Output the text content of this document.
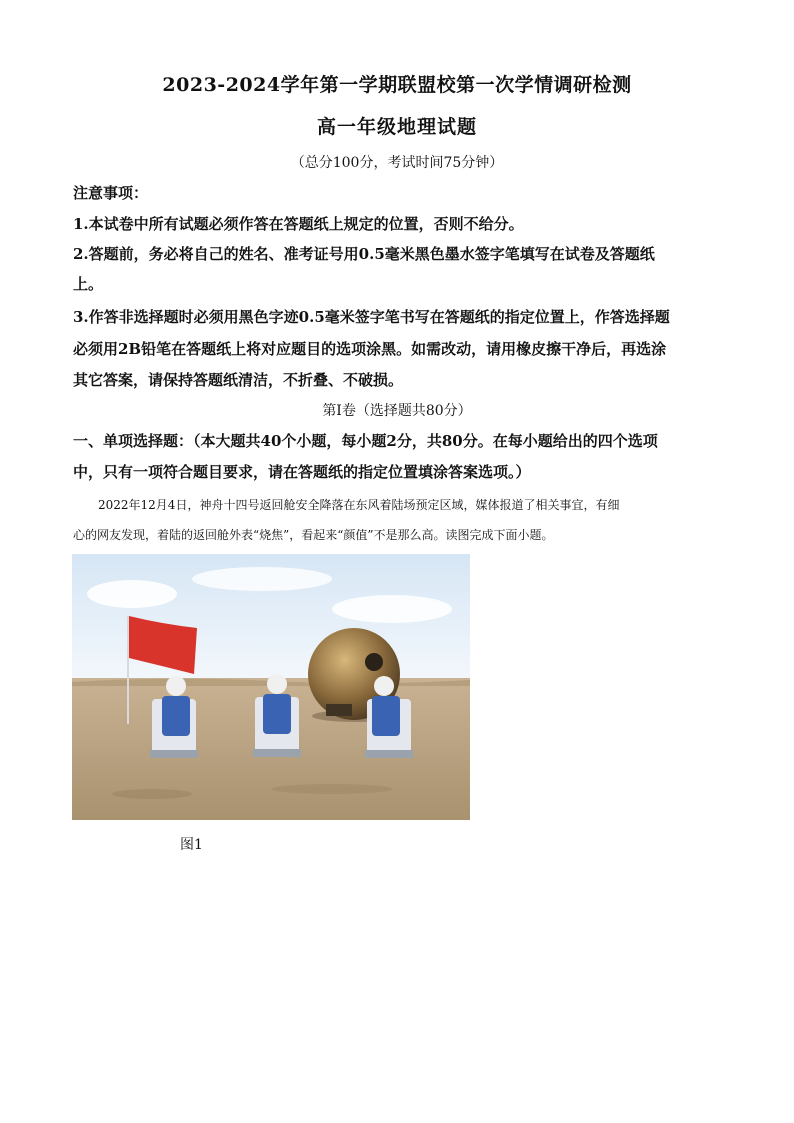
2023-2024学年第一学期联盟校第一次学情调研检测
高一年级地理试题
（总分100分，考试时间75分钟）
注意事项：
1.本试卷中所有试题必须作答在答题纸上规定的位置，否则不给分。
2.答题前，务必将自己的姓名、准考证号用0.5毫米黑色墨水签字笔填写在试卷及答题纸
上。
3.作答非选择题时必须用黑色字迹0.5毫米签字笔书写在答题纸的指定位置上，作答选择题
必须用2B铅笔在答题纸上将对应题目的选项涂黑。如需改动，请用橡皮擦干净后，再选涂
其它答案，请保持答题纸清洁，不折叠、不破损。
第Ⅰ卷（选择题共80分）
一、单项选择题：（本大题共40个小题，每小题2分，共80分。在每小题给出的四个选项
中，只有一项符合题目要求，请在答题纸的指定位置填涂答案选项。）
2022年12月4日，神舟十四号返回舱安全降落在东风着陆场预定区域，媒体报道了相关事宜，有细
心的网友发现，着陆的返回舱外表“烧焦”，看起来“颜值”不是那么高。读图完成下面小题。
图1
